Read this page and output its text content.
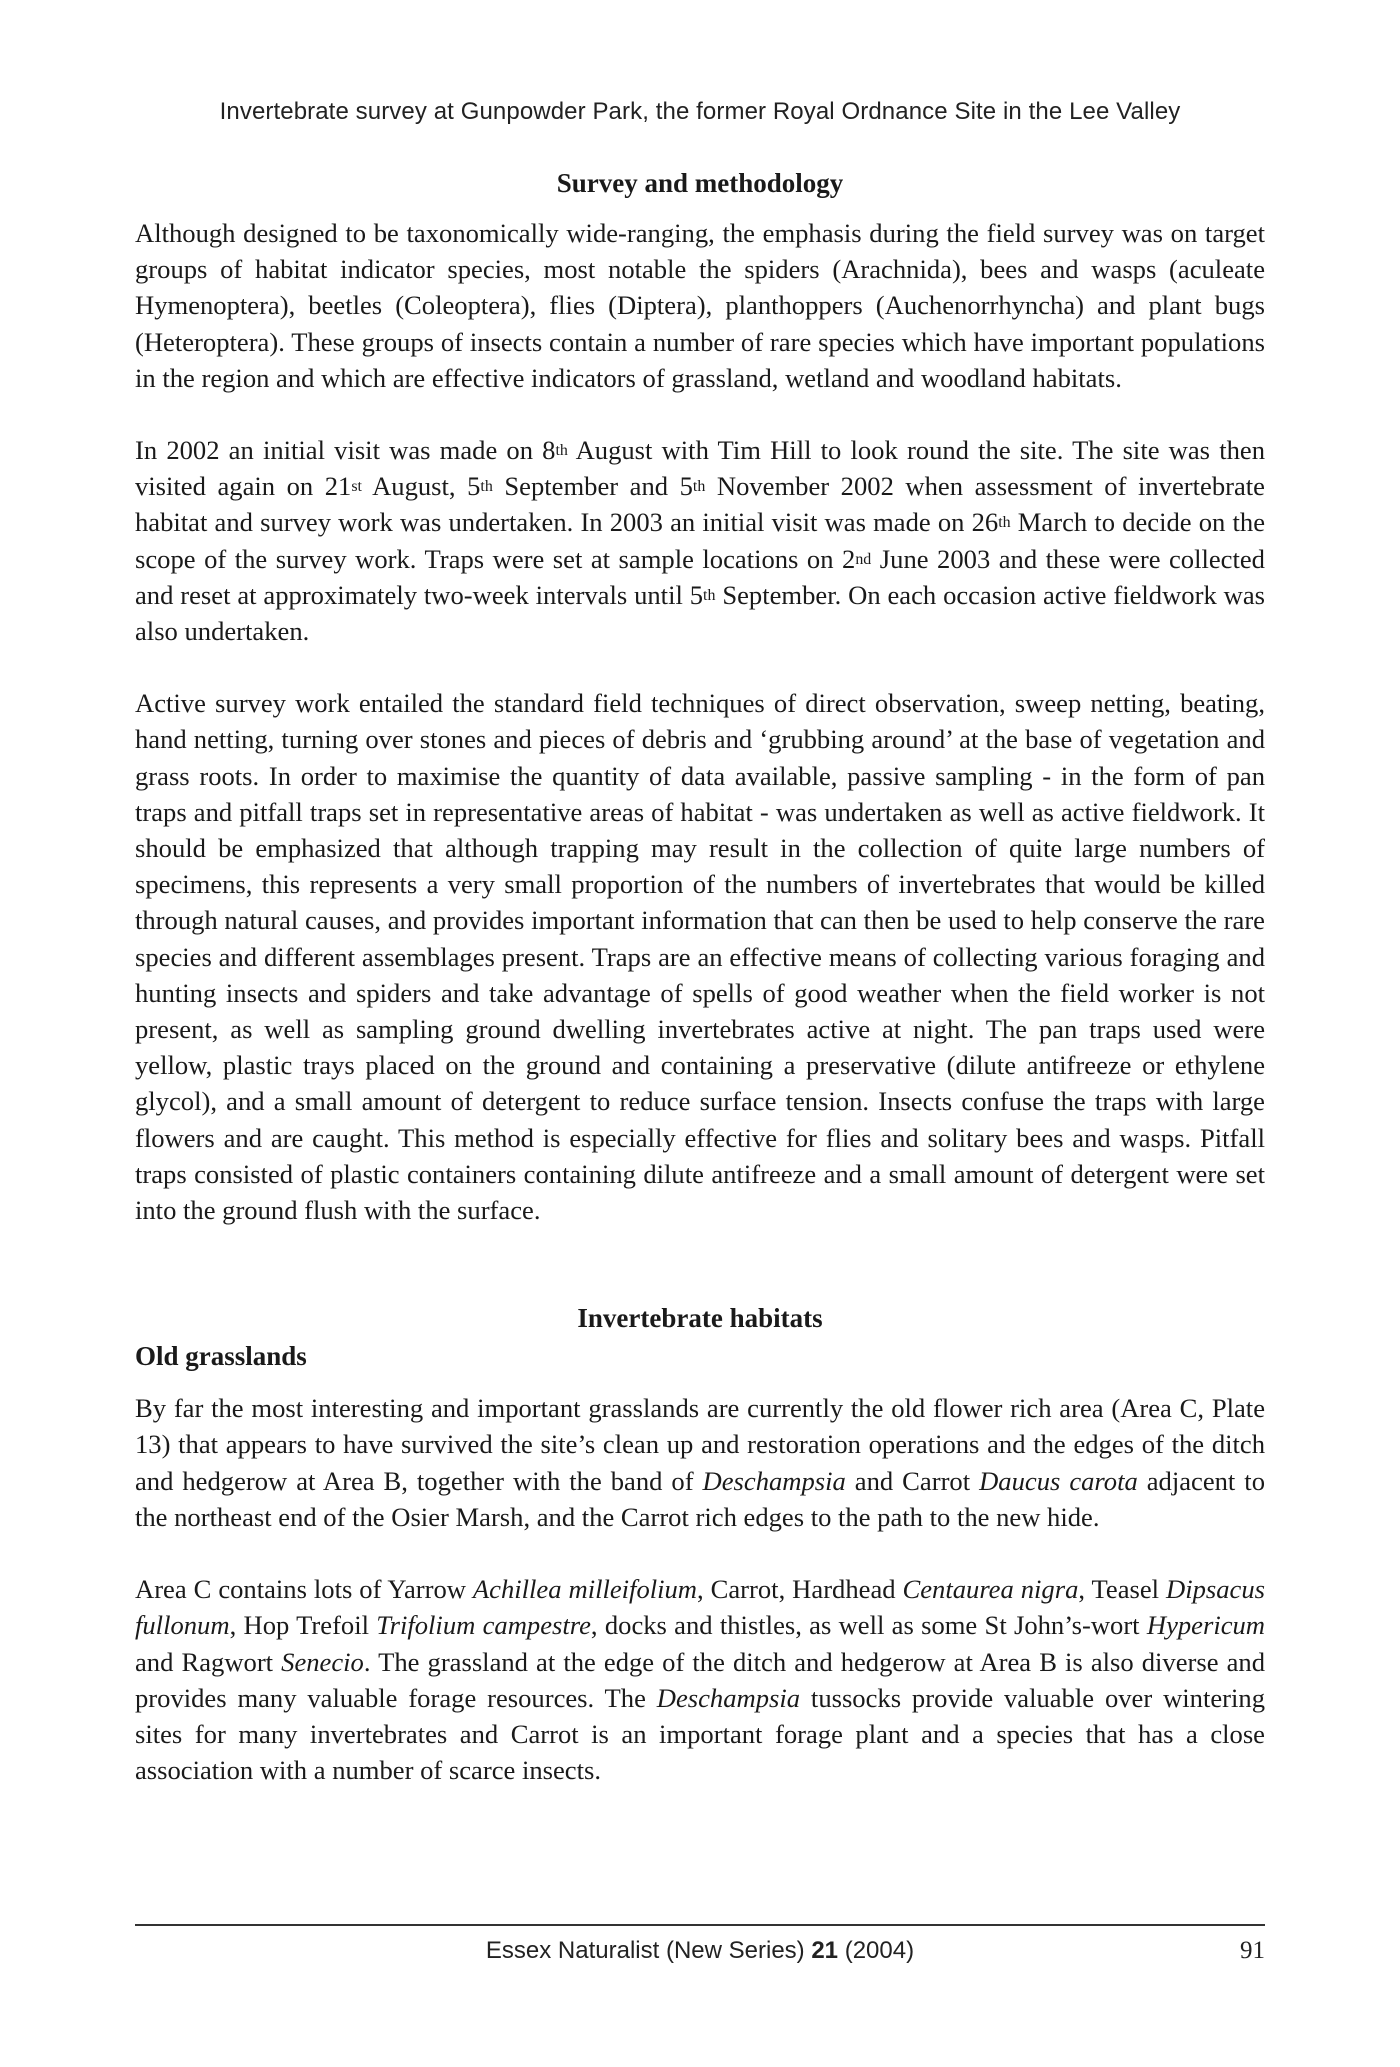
Invertebrate survey at Gunpowder Park, the former Royal Ordnance Site in the Lee Valley
Survey and methodology

Although designed to be taxonomically wide-ranging, the emphasis during the field survey was on target groups of habitat indicator species, most notable the spiders (Arachnida), bees and wasps (aculeate Hymenoptera), beetles (Coleoptera), flies (Diptera), planthoppers (Auchenorrhyncha) and plant bugs (Heteroptera). These groups of insects contain a number of rare species which have important populations in the region and which are effective indicators of grassland, wetland and woodland habitats.

In 2002 an initial visit was made on 8th August with Tim Hill to look round the site. The site was then visited again on 21st August, 5th September and 5th November 2002 when assessment of invertebrate habitat and survey work was undertaken. In 2003 an initial visit was made on 26th March to decide on the scope of the survey work. Traps were set at sample locations on 2nd June 2003 and these were collected and reset at approximately two-week intervals until 5th September. On each occasion active fieldwork was also undertaken.

Active survey work entailed the standard field techniques of direct observation, sweep netting, beating, hand netting, turning over stones and pieces of debris and ‘grubbing around’ at the base of vegetation and grass roots. In order to maximise the quantity of data available, passive sampling - in the form of pan traps and pitfall traps set in representative areas of habitat - was undertaken as well as active fieldwork. It should be emphasized that although trapping may result in the collection of quite large numbers of specimens, this represents a very small proportion of the numbers of invertebrates that would be killed through natural causes, and provides important information that can then be used to help conserve the rare species and different assemblages present. Traps are an effective means of collecting various foraging and hunting insects and spiders and take advantage of spells of good weather when the field worker is not present, as well as sampling ground dwelling invertebrates active at night. The pan traps used were yellow, plastic trays placed on the ground and containing a preservative (dilute antifreeze or ethylene glycol), and a small amount of detergent to reduce surface tension. Insects confuse the traps with large flowers and are caught. This method is especially effective for flies and solitary bees and wasps. Pitfall traps consisted of plastic containers containing dilute antifreeze and a small amount of detergent were set into the ground flush with the surface.

Invertebrate habitats
Old grasslands

By far the most interesting and important grasslands are currently the old flower rich area (Area C, Plate 13) that appears to have survived the site’s clean up and restoration operations and the edges of the ditch and hedgerow at Area B, together with the band of Deschampsia and Carrot Daucus carota adjacent to the northeast end of the Osier Marsh, and the Carrot rich edges to the path to the new hide.

Area C contains lots of Yarrow Achillea milleifolium, Carrot, Hardhead Centaurea nigra, Teasel Dipsacus fullonum, Hop Trefoil Trifolium campestre, docks and thistles, as well as some St John’s-wort Hypericum and Ragwort Senecio. The grassland at the edge of the ditch and hedgerow at Area B is also diverse and provides many valuable forage resources. The Deschampsia tussocks provide valuable over wintering sites for many invertebrates and Carrot is an important forage plant and a species that has a close association with a number of scarce insects.

Essex Naturalist (New Series) 21 (2004)	91
